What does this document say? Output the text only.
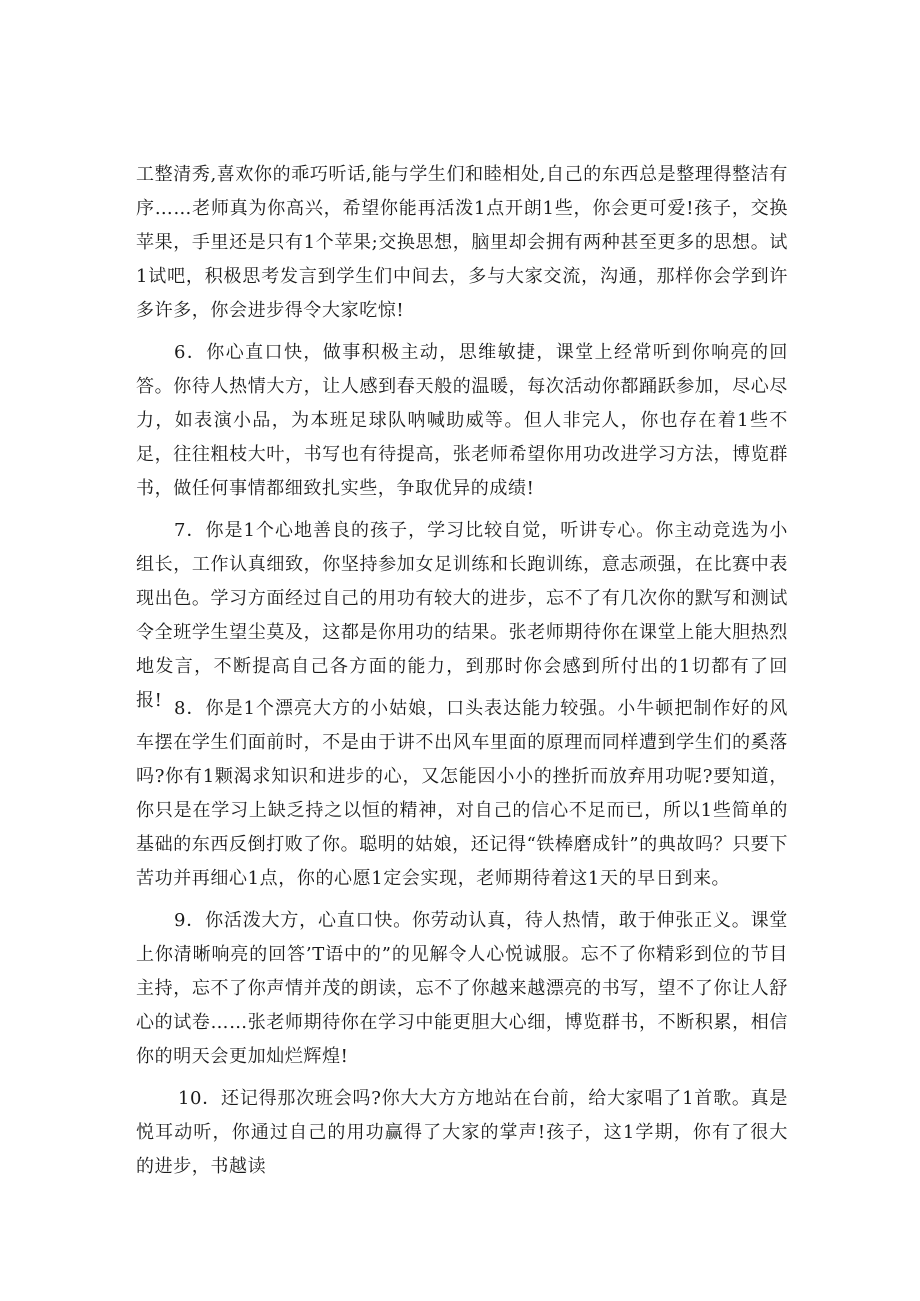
工整清秀,喜欢你的乖巧听话,能与学生们和睦相处,自己的东西总是整理得整洁有序……老师真为你高兴，希望你能再活泼1点开朗1些，你会更可爱!孩子，交换苹果，手里还是只有1个苹果;交换思想，脑里却会拥有两种甚至更多的思想。试1试吧，积极思考发言到学生们中间去，多与大家交流，沟通，那样你会学到许多许多，你会进步得令大家吃惊!

6．你心直口快，做事积极主动，思维敏捷，课堂上经常听到你响亮的回答。你待人热情大方，让人感到春天般的温暖，每次活动你都踊跃参加，尽心尽力，如表演小品，为本班足球队呐喊助威等。但人非完人，你也存在着1些不足，往往粗枝大叶，书写也有待提高，张老师希望你用功改进学习方法，博览群书，做任何事情都细致扎实些，争取优异的成绩!

7．你是1个心地善良的孩子，学习比较自觉，听讲专心。你主动竞选为小组长，工作认真细致，你坚持参加女足训练和长跑训练，意志顽强，在比赛中表现出色。学习方面经过自己的用功有较大的进步，忘不了有几次你的默写和测试令全班学生望尘莫及，这都是你用功的结果。张老师期待你在课堂上能大胆热烈地发言，不断提高自己各方面的能力，到那时你会感到所付出的1切都有了回报! 8．你是1个漂亮大方的小姑娘，口头表达能力较强。小牛顿把制作好的风车摆在学生们面前时，不是由于讲不出风车里面的原理而同样遭到学生们的奚落吗?你有1颗渴求知识和进步的心，又怎能因小小的挫折而放弃用功呢?要知道，你只是在学习上缺乏持之以恒的精神，对自己的信心不足而已，所以1些简单的基础的东西反倒打败了你。聪明的姑娘，还记得“铁棒磨成针”的典故吗？只要下苦功并再细心1点，你的心愿1定会实现，老师期待着这1天的早日到来。

9．你活泼大方，心直口快。你劳动认真，待人热情，敢于伸张正义。课堂上你清晰响亮的回答’T语中的”的见解令人心悦诚服。忘不了你精彩到位的节目主持，忘不了你声情并茂的朗读，忘不了你越来越漂亮的书写，望不了你让人舒心的试卷……张老师期待你在学习中能更胆大心细，博览群书，不断积累，相信你的明天会更加灿烂辉煌!

10．还记得那次班会吗?你大大方方地站在台前，给大家唱了1首歌。真是悦耳动听，你通过自己的用功赢得了大家的掌声!孩子，这1学期，你有了很大的进步，书越读
